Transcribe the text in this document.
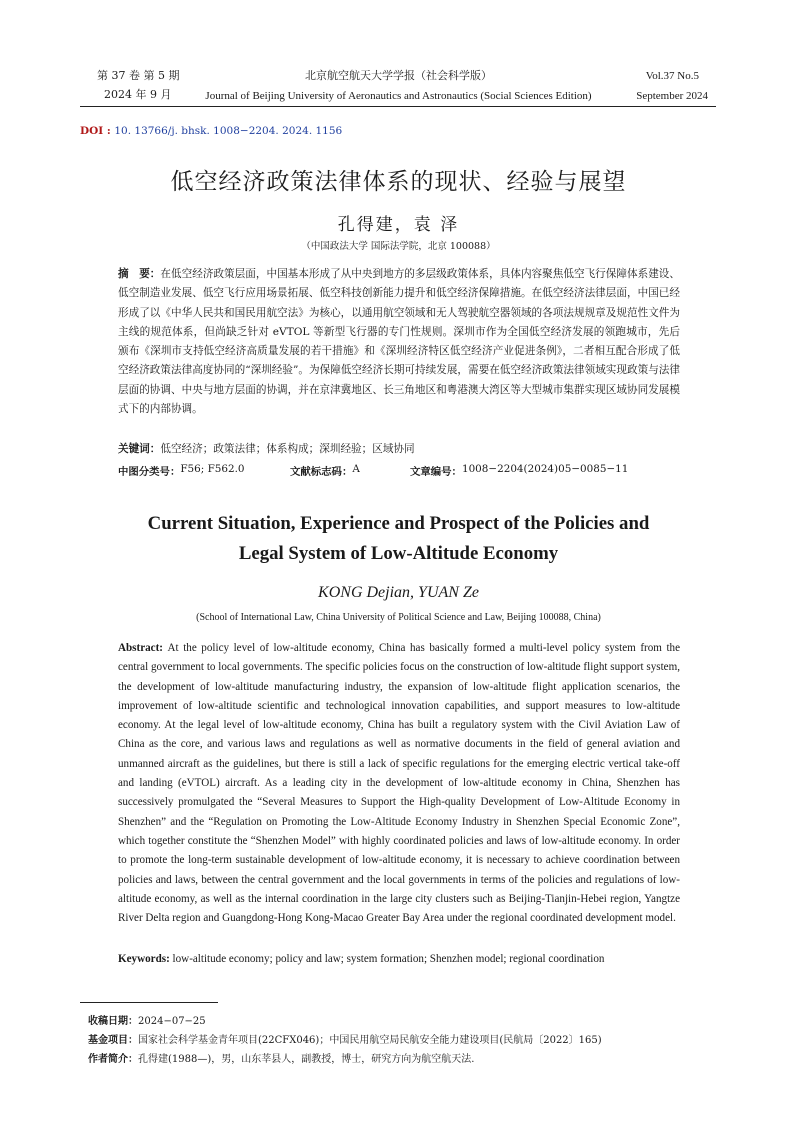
第 37 卷 第 5 期
2024 年 9 月
北京航空航天大学学报（社会科学版）
Journal of Beijing University of Aeronautics and Astronautics (Social Sciences Edition)
Vol.37 No.5
September 2024
DOI : 10. 13766/j. bhsk. 1008−2204. 2024. 1156
低空经济政策法律体系的现状、经验与展望
孔得建，袁 泽
（中国政法大学 国际法学院，北京 100088）
摘　要：在低空经济政策层面，中国基本形成了从中央到地方的多层级政策体系，具体内容聚焦低空飞行保障体系建设、低空制造业发展、低空飞行应用场景拓展、低空科技创新能力提升和低空经济保障措施。在低空经济法律层面，中国已经形成了以《中华人民共和国民用航空法》为核心，以通用航空领域和无人驾驶航空器领域的各项法规规章及规范性文件为主线的规范体系，但尚缺乏针对 eVTOL 等新型飞行器的专门性规则。深圳市作为全国低空经济发展的领跑城市，先后颁布《深圳市支持低空经济高质量发展的若干措施》和《深圳经济特区低空经济产业促进条例》，二者相互配合形成了低空经济政策法律高度协同的“深圳经验”。为保障低空经济长期可持续发展，需要在低空经济政策法律领域实现政策与法律层面的协调、中央与地方层面的协调，并在京津冀地区、长三角地区和粤港澳大湾区等大型城市集群实现区域协同发展模式下的内部协调。
关键词：低空经济；政策法律；体系构成；深圳经验；区域协同
中图分类号： F56; F562.0	文献标志码： A	文章编号： 1008−2204(2024)05−0085−11
Current Situation, Experience and Prospect of the Policies and
Legal System of Low-Altitude Economy
KONG Dejian, YUAN Ze
(School of International Law, China University of Political Science and Law, Beijing 100088, China)
Abstract: At the policy level of low-altitude economy, China has basically formed a multi-level policy system from the central government to local governments. The specific policies focus on the construction of low-altitude flight support system, the development of low-altitude manufacturing industry, the expansion of low-altitude flight application scenarios, the improvement of low-altitude scientific and technological innovation capabilities, and support measures to low-altitude economy. At the legal level of low-altitude economy, China has built a regulatory system with the Civil Aviation Law of China as the core, and various laws and regulations as well as normative documents in the field of general aviation and unmanned aircraft as the guidelines, but there is still a lack of specific regulations for the emerging electric vertical take-off and landing (eVTOL) aircraft. As a leading city in the development of low-altitude economy in China, Shenzhen has successively promulgated the “Several Measures to Support the High-quality Development of Low-Altitude Economy in Shenzhen” and the “Regulation on Promoting the Low-Altitude Economy Industry in Shenzhen Special Economic Zone”, which together constitute the “Shenzhen Model” with highly coordinated policies and laws of low-altitude economy. In order to promote the long-term sustainable development of low-altitude economy, it is necessary to achieve coordination between policies and laws, between the central government and the local governments in terms of the policies and regulations of low-altitude economy, as well as the internal coordination in the large city clusters such as Beijing-Tianjin-Hebei region, Yangtze River Delta region and Guangdong-Hong Kong-Macao Greater Bay Area under the regional coordinated development model.
Keywords: low-altitude economy; policy and law; system formation; Shenzhen model; regional coordination
收稿日期：2024−07−25
基金项目：国家社会科学基金青年项目(22CFX046)；中国民用航空局民航安全能力建设项目(民航局〔2022〕165)
作者简介：孔得建(1988—)，男，山东莘县人，副教授，博士，研究方向为航空航天法.
